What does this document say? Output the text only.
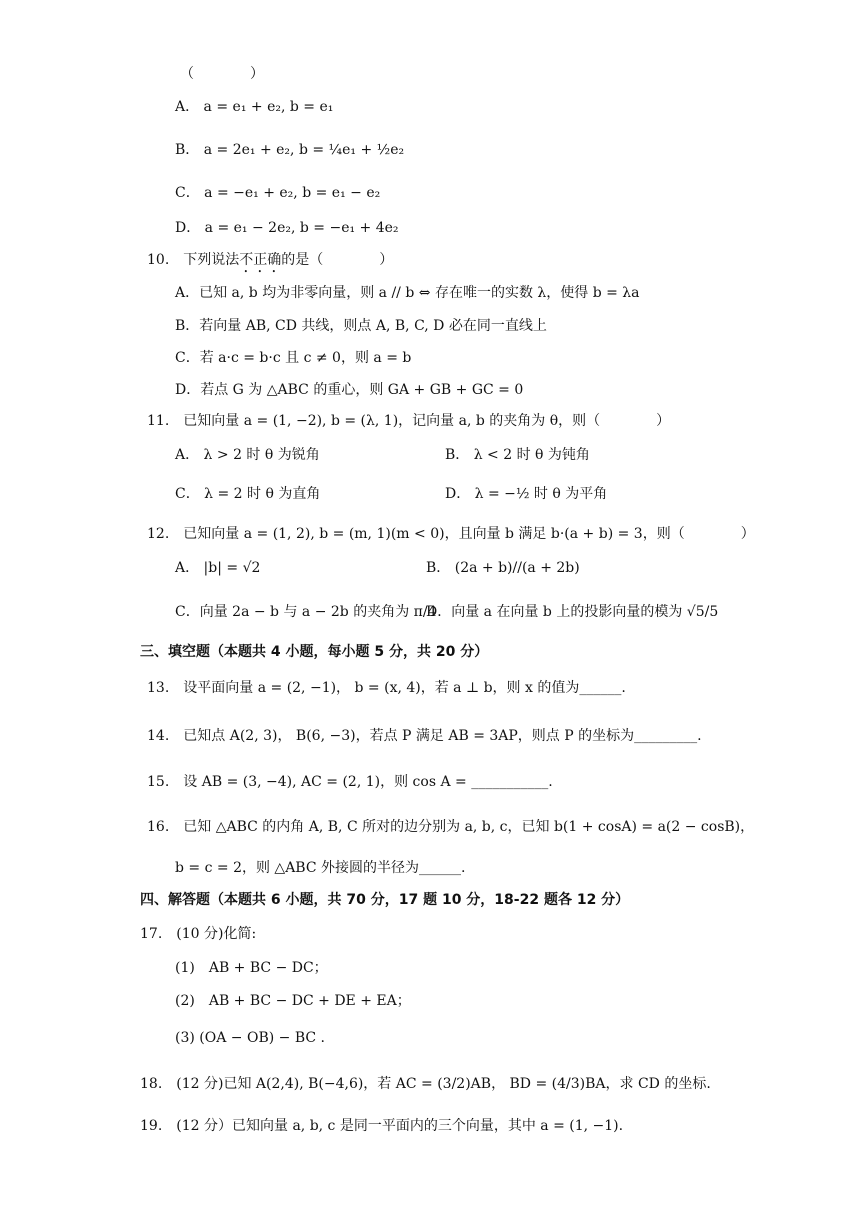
（　　　　）
A． a = e₁ + e₂, b = e₁
B． a = 2e₁ + e₂, b = ¼e₁ + ½e₂
C． a = −e₁ + e₂, b = e₁ − e₂
D． a = e₁ − 2e₂, b = −e₁ + 4e₂
10.　下列说法不正确的是（　　　　）
A．已知 a, b 均为非零向量，则 a // b ⇔ 存在唯一的实数 λ，使得 b = λa
B．若向量 AB, CD 共线，则点 A, B, C, D 必在同一直线上
C．若 a·c = b·c 且 c ≠ 0，则 a = b
D．若点 G 为 △ABC 的重心，则 GA + GB + GC = 0
11.　已知向量 a = (1, −2), b = (λ, 1)，记向量 a, b 的夹角为 θ，则（　　　　）
A． λ > 2 时 θ 为锐角	B． λ < 2 时 θ 为钝角
C． λ = 2 时 θ 为直角	D． λ = −½ 时 θ 为平角
12.　已知向量 a = (1, 2), b = (m, 1)(m < 0)，且向量 b 满足 b·(a + b) = 3，则（　　　　）
A． |b| = √2	B． (2a + b)//(a + 2b)
C．向量 2a − b 与 a − 2b 的夹角为 π/4
D．向量 a 在向量 b 上的投影向量的模为 √5/5
三、填空题（本题共 4 小题，每小题 5 分，共 20 分）
13.　设平面向量 a = (2, −1)， b = (x, 4)，若 a ⊥ b，则 x 的值为______.
14.　已知点 A(2, 3)， B(6, −3)，若点 P 满足 AB = 3AP，则点 P 的坐标为_________.
15.　设 AB = (3, −4), AC = (2, 1)，则 cos A = ___________.
16.　已知 △ABC 的内角 A, B, C 所对的边分别为 a, b, c，已知 b(1 + cosA) = a(2 − cosB)，
b = c = 2，则 △ABC 外接圆的半径为______.
四、解答题（本题共 6 小题，共 70 分，17 题 10 分，18-22 题各 12 分）
17.　(10 分)化简:
(1)　AB + BC − DC；
(2)　AB + BC − DC + DE + EA；
(3) (OA − OB) − BC .
18.　(12 分)已知 A(2,4), B(−4,6)，若 AC = (3/2)AB， BD = (4/3)BA，求 CD 的坐标.
19.　(12 分）已知向量 a, b, c 是同一平面内的三个向量，其中 a = (1, −1).
